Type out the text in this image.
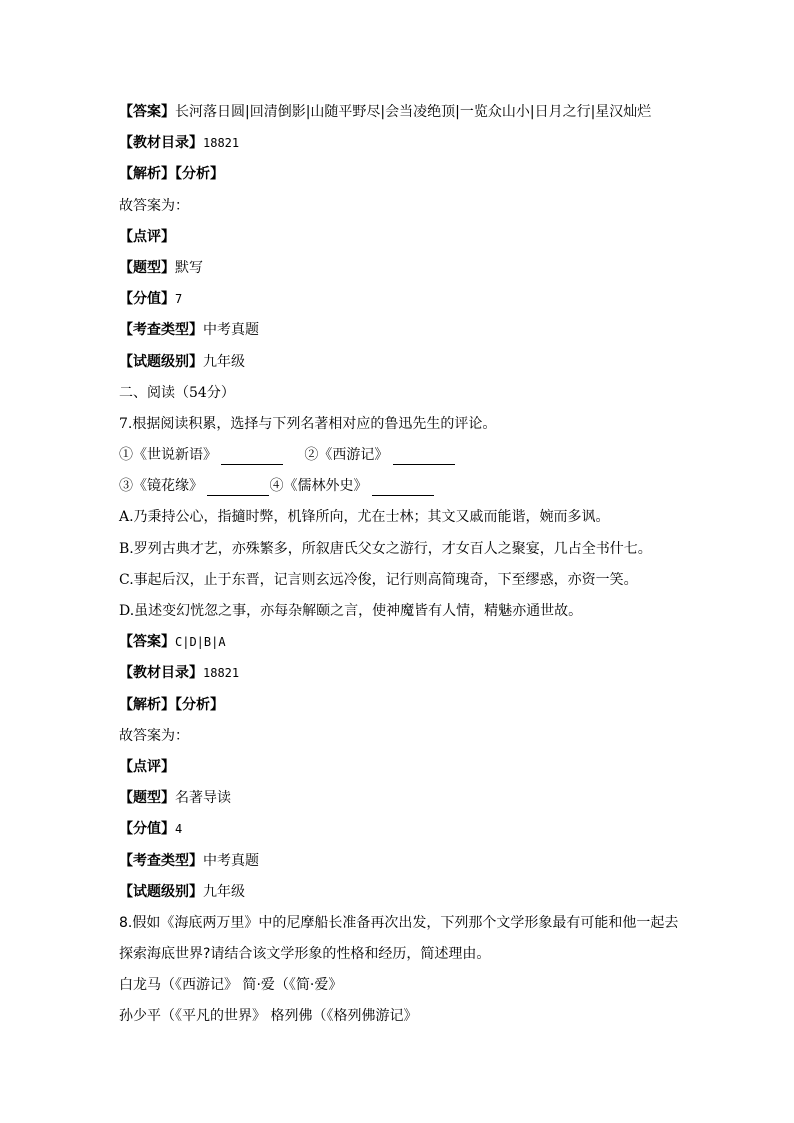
【答案】长河落日圆|回清倒影|山随平野尽|会当凌绝顶|一览众山小|日月之行|星汉灿烂
【教材目录】18821
【解析】【分析】
故答案为：
【点评】
【题型】默写
【分值】7
【考查类型】中考真题
【试题级别】九年级
二、阅读（54分）
7.根据阅读积累，选择与下列名著相对应的鲁迅先生的评论。
①《世说新语》	②《西游记》
③《镜花缘》	④《儒林外史》
A.乃秉持公心，指擿时弊，机锋所向，尤在士林；其文又戚而能谐，婉而多讽。
B.罗列古典才艺，亦殊繁多，所叙唐氏父女之游行，才女百人之聚宴，几占全书什七。
C.事起后汉，止于东晋，记言则玄远冷俊，记行则高简瑰奇，下至缪惑，亦资一笑。
D.虽述变幻恍忽之事，亦每杂解颐之言，使神魔皆有人情，精魅亦通世故。
【答案】C|D|B|A
【教材目录】18821
【解析】【分析】
故答案为：
【点评】
【题型】名著导读
【分值】4
【考查类型】中考真题
【试题级别】九年级
8.假如《海底两万里》中的尼摩船长准备再次出发，下列那个文学形象最有可能和他一起去
探索海底世界?请结合该文学形象的性格和经历，简述理由。
白龙马（《西游记》 简·爱（《简·爱》
孙少平（《平凡的世界》 格列佛（《格列佛游记》
